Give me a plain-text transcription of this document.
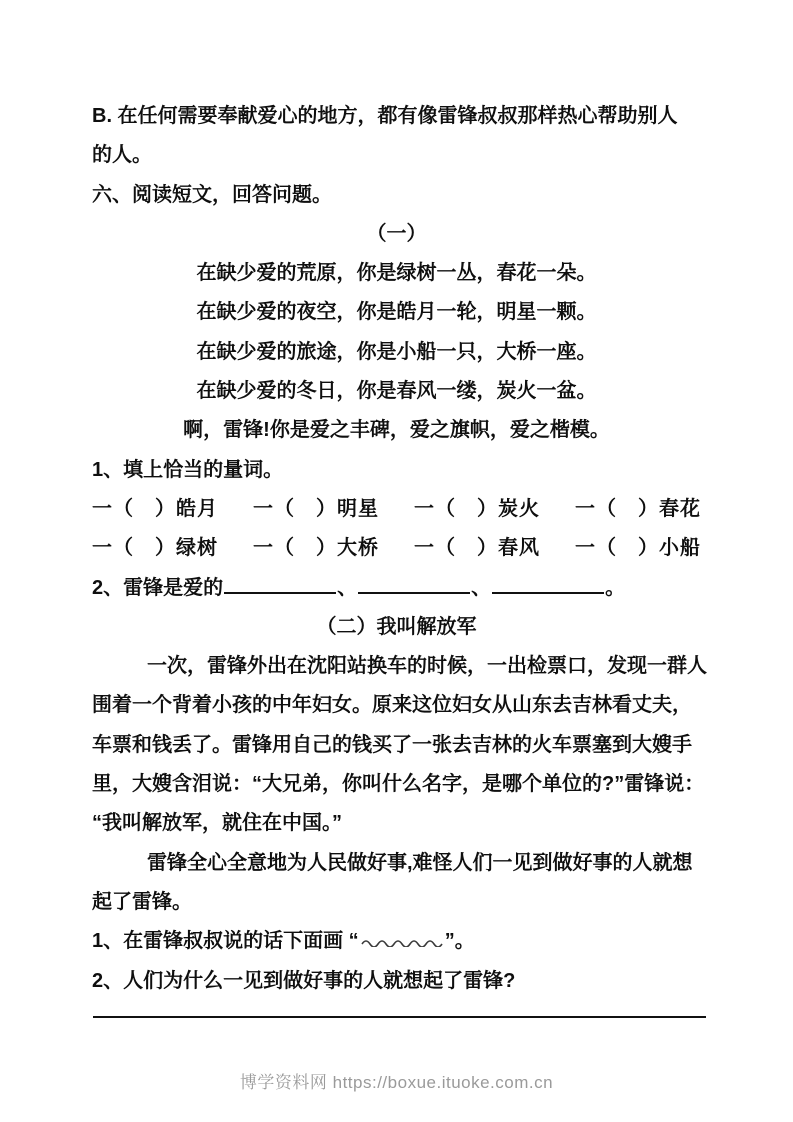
B. 在任何需要奉献爱心的地方，都有像雷锋叔叔那样热心帮助别人
的人。
六、阅读短文，回答问题。
（一）
在缺少爱的荒原，你是绿树一丛，春花一朵。
在缺少爱的夜空，你是皓月一轮，明星一颗。
在缺少爱的旅途，你是小船一只，大桥一座。
在缺少爱的冬日，你是春风一缕，炭火一盆。
啊，雷锋!你是爱之丰碑，爱之旗帜，爱之楷模。
1、填上恰当的量词。
一（　）皓月 一（　）明星 一（　）炭火 一（　）春花
一（　）绿树 一（　）大桥 一（　）春风 一（　）小船
2、雷锋是爱的	、	、	。
（二）我叫解放军
一次，雷锋外出在沈阳站换车的时候，一出检票口，发现一群人
围着一个背着小孩的中年妇女。原来这位妇女从山东去吉林看丈夫，
车票和钱丢了。雷锋用自己的钱买了一张去吉林的火车票塞到大嫂手
里，大嫂含泪说：“大兄弟，你叫什么名字，是哪个单位的?”雷锋说：
“我叫解放军，就住在中国。”
雷锋全心全意地为人民做好事,难怪人们一见到做好事的人就想
起了雷锋。
1、在雷锋叔叔说的话下面画 “	”。
2、人们为什么一见到做好事的人就想起了雷锋?
博学资料网 https://boxue.ituoke.com.cn
